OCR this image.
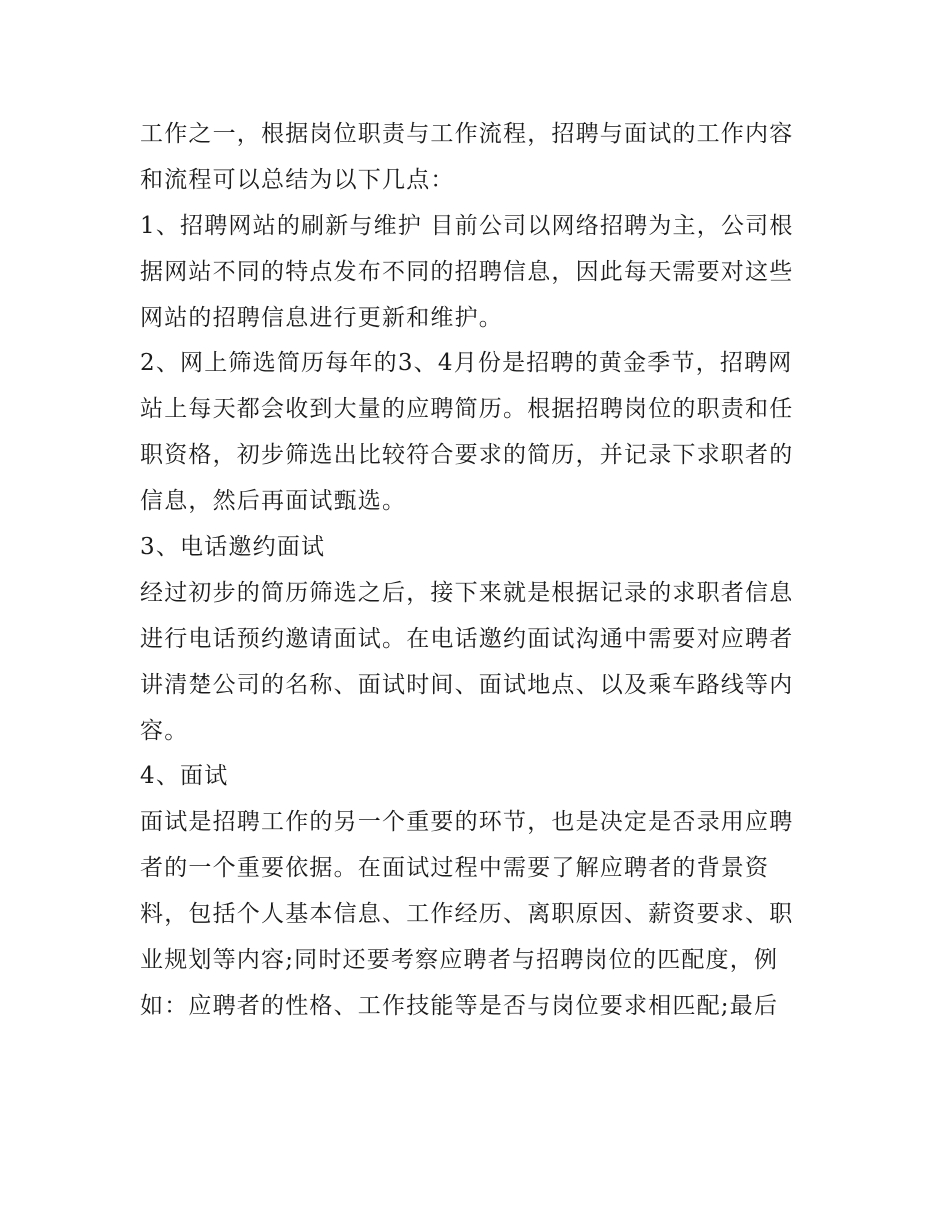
工作之一，根据岗位职责与工作流程，招聘与面试的工作内容
和流程可以总结为以下几点：
1、招聘网站的刷新与维护 目前公司以网络招聘为主，公司根
据网站不同的特点发布不同的招聘信息，因此每天需要对这些
网站的招聘信息进行更新和维护。
2、网上筛选简历每年的3、4月份是招聘的黄金季节，招聘网
站上每天都会收到大量的应聘简历。根据招聘岗位的职责和任
职资格，初步筛选出比较符合要求的简历，并记录下求职者的
信息，然后再面试甄选。
3、电话邀约面试
经过初步的简历筛选之后，接下来就是根据记录的求职者信息
进行电话预约邀请面试。在电话邀约面试沟通中需要对应聘者
讲清楚公司的名称、面试时间、面试地点、以及乘车路线等内
容。
4、面试
面试是招聘工作的另一个重要的环节，也是决定是否录用应聘
者的一个重要依据。在面试过程中需要了解应聘者的背景资
料，包括个人基本信息、工作经历、离职原因、薪资要求、职
业规划等内容;同时还要考察应聘者与招聘岗位的匹配度，例
如：应聘者的性格、工作技能等是否与岗位要求相匹配;最后
